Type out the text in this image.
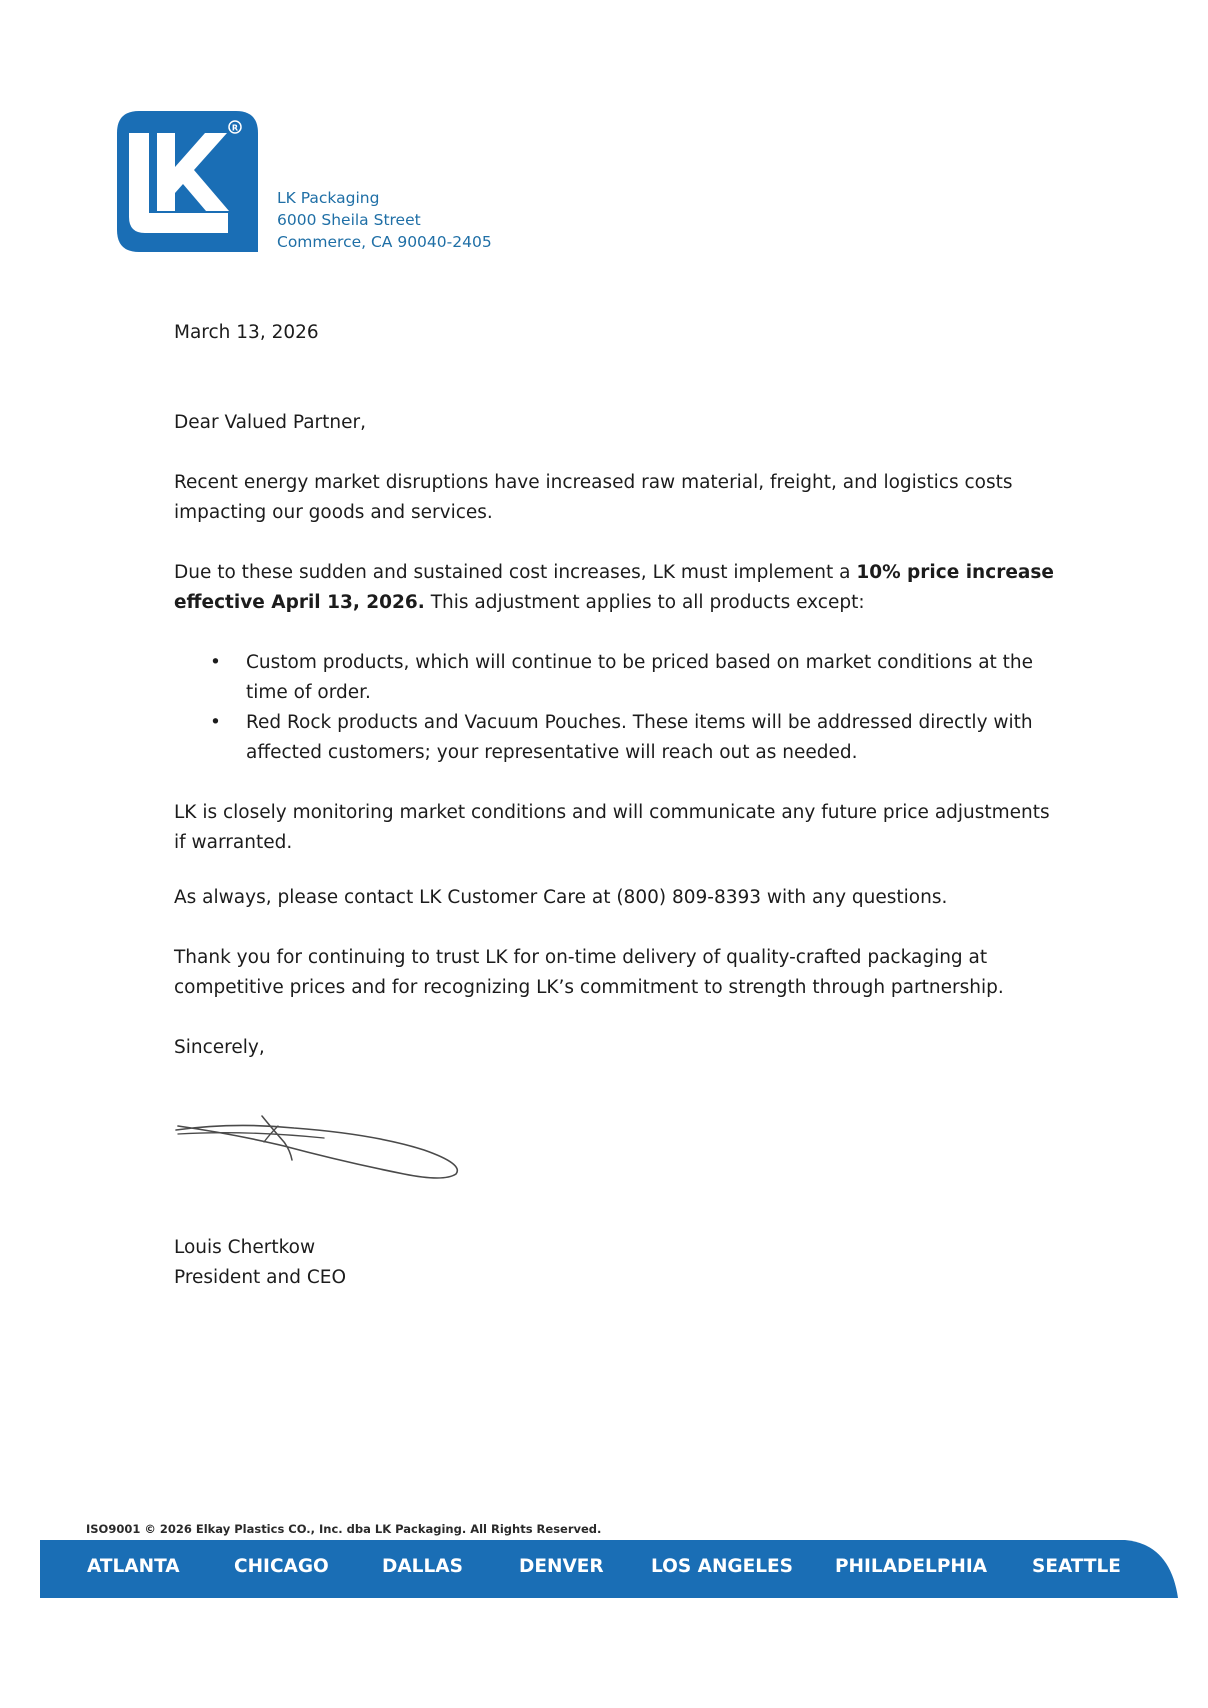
R
LK Packaging
6000 Sheila Street
Commerce, CA 90040-2405

March 13, 2026

Dear Valued Partner,

Recent energy market disruptions have increased raw material, freight, and logistics costs impacting our goods and services.

Due to these sudden and sustained cost increases, LK must implement a 10% price increase effective April 13, 2026. This adjustment applies to all products except:

• Custom products, which will continue to be priced based on market conditions at the time of order.
• Red Rock products and Vacuum Pouches. These items will be addressed directly with affected customers; your representative will reach out as needed.

LK is closely monitoring market conditions and will communicate any future price adjustments if warranted.

As always, please contact LK Customer Care at (800) 809-8393 with any questions.

Thank you for continuing to trust LK for on-time delivery of quality-crafted packaging at competitive prices and for recognizing LK’s commitment to strength through partnership.

Sincerely,

Louis Chertkow

President and CEO

ISO9001 © 2026 Elkay Plastics CO., Inc. dba LK Packaging. All Rights Reserved.
ATLANTA	CHICAGO	DALLAS	DENVER	LOS ANGELES PHILADELPHIA SEATTLE
